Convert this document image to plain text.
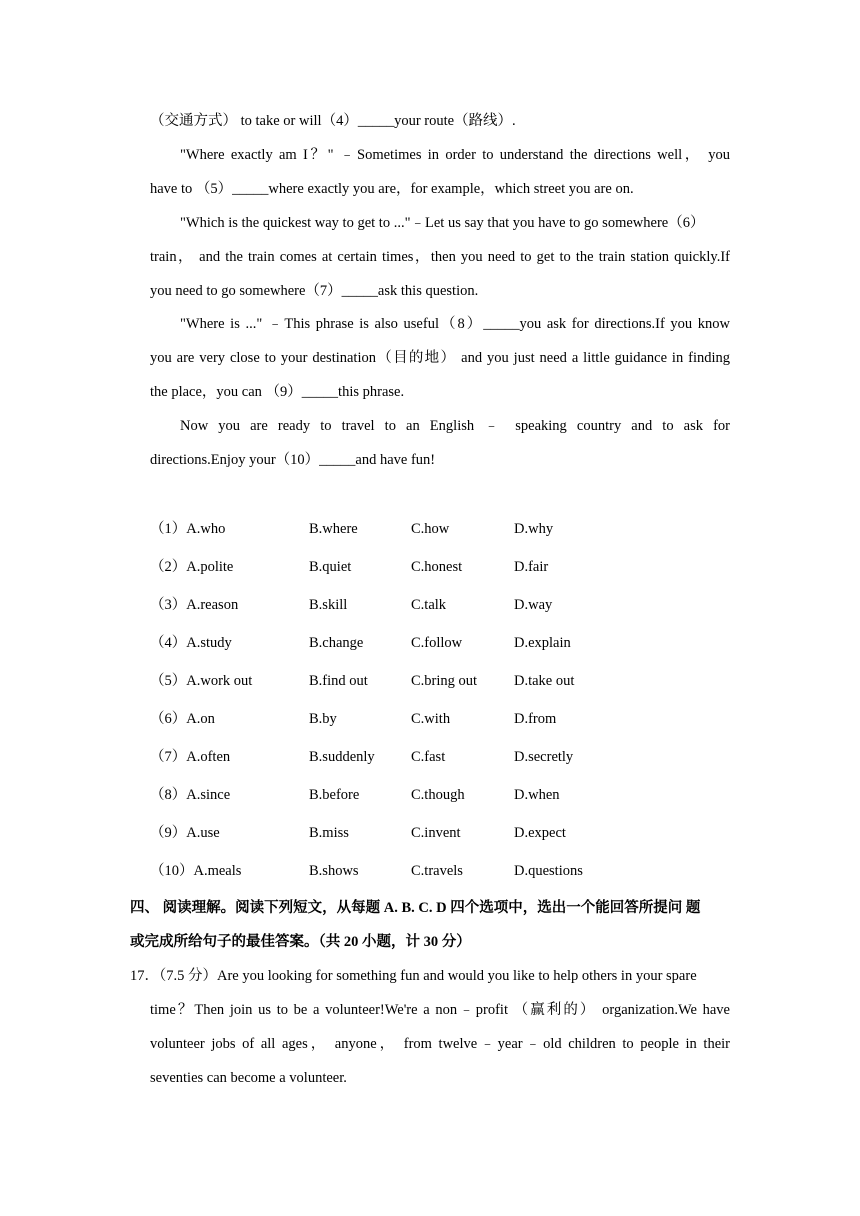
（交通方式） to take or will（4）_____your route（路线）.
"Where exactly am I？" ﹣Sometimes in order to understand the directions well， you
have to （5）_____where exactly you are，for example，which street you are on.
"Which is the quickest way to get to ..."﹣Let us say that you have to go somewhere（6）
train， and the train comes at certain times，then you need to get to the train station quickly.If
you need to go somewhere（7）_____ask this question.
"Where is ..." ﹣This phrase is also useful（8）_____you ask for directions.If you know
you are very close to your destination（目的地） and you just need a little guidance in finding
the place，you can （9）_____this phrase.
Now you are ready to travel to an English ﹣ speaking country and to ask for
directions.Enjoy your（10）_____and have fun!
（1）A.who	B.where	C.how	D.why
（2）A.polite	B.quiet	C.honest	D.fair
（3）A.reason	B.skill	C.talk	D.way
（4）A.study	B.change	C.follow	D.explain
（5）A.work out	B.find out	C.bring out	D.take out
（6）A.on	B.by	C.with	D.from
（7）A.often	B.suddenly	C.fast	D.secretly
（8）A.since	B.before	C.though	D.when
（9）A.use	B.miss	C.invent	D.expect
（10）A.meals	B.shows	C.travels	D.questions
四、 阅读理解。阅读下列短文，从每题 A. B. C. D 四个选项中，选出一个能回答所提问 题
或完成所给句子的最佳答案。（共 20 小题，计 30 分）
17．（7.5 分）Are you looking for something fun and would you like to help others in your spare
time？Then join us to be a volunteer!We're a non﹣profit （赢利的） organization.We have
volunteer jobs of all ages， anyone， from twelve﹣year﹣old children to people in their
seventies can become a volunteer.
